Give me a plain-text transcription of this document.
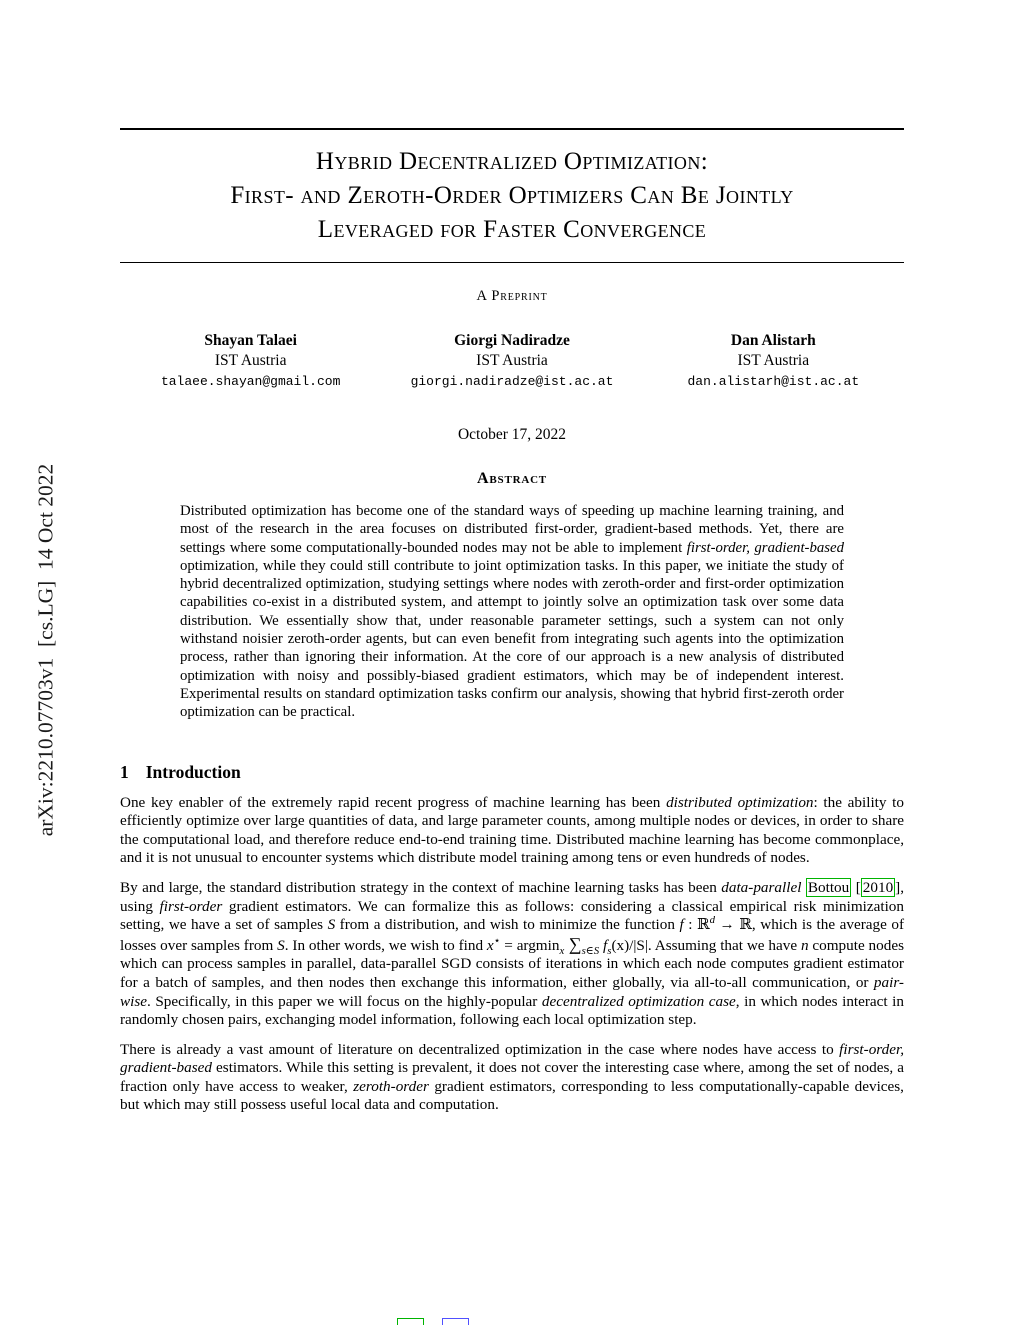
arXiv:2210.07703v1  [cs.LG]  14 Oct 2022
Hybrid Decentralized Optimization:
First- and Zeroth-Order Optimizers Can Be Jointly
Leveraged for Faster Convergence
A Preprint
Shayan Talaei
IST Austria
talaee.shayan@gmail.com
Giorgi Nadiradze
IST Austria
giorgi.nadiradze@ist.ac.at
Dan Alistarh
IST Austria
dan.alistarh@ist.ac.at
October 17, 2022
Abstract

Distributed optimization has become one of the standard ways of speeding up machine learning training, and most of the research in the area focuses on distributed first-order, gradient-based methods. Yet, there are settings where some computationally-bounded nodes may not be able to implement first-order, gradient-based optimization, while they could still contribute to joint optimization tasks. In this paper, we initiate the study of hybrid decentralized optimization, studying settings where nodes with zeroth-order and first-order optimization capabilities co-exist in a distributed system, and attempt to jointly solve an optimization task over some data distribution. We essentially show that, under reasonable parameter settings, such a system can not only withstand noisier zeroth-order agents, but can even benefit from integrating such agents into the optimization process, rather than ignoring their information. At the core of our approach is a new analysis of distributed optimization with noisy and possibly-biased gradient estimators, which may be of independent interest. Experimental results on standard optimization tasks confirm our analysis, showing that hybrid first-zeroth order optimization can be practical.

1 Introduction

One key enabler of the extremely rapid recent progress of machine learning has been distributed optimization: the ability to efficiently optimize over large quantities of data, and large parameter counts, among multiple nodes or devices, in order to share the computational load, and therefore reduce end-to-end training time. Distributed machine learning has become commonplace, and it is not unusual to encounter systems which distribute model training among tens or even hundreds of nodes.

By and large, the standard distribution strategy in the context of machine learning tasks has been data-parallel Bottou [ 2010 ], using first-order gradient estimators. We can formalize this as follows: considering a classical empirical risk minimization setting, we have a set of samples S from a distribution, and wish to minimize the function f : ℝ$^d$ → ℝ, which is the average of losses over samples from S. In other words, we wish to find x⋆ = argmin$_x$ $\sum_{s\in S}$ $f_s(x)/|S|$. Assuming that we have n compute nodes which can process samples in parallel, data-parallel SGD consists of iterations in which each node computes gradient estimator for a batch of samples, and then nodes then exchange this information, either globally, via all-to-all communication, or pair-wise. Specifically, in this paper we will focus on the highly-popular decentralized optimization case, in which nodes interact in randomly chosen pairs, exchanging model information, following each local optimization step.

There is already a vast amount of literature on decentralized optimization in the case where nodes have access to first-order, gradient-based estimators. While this setting is prevalent, it does not cover the interesting case where, among the set of nodes, a fraction only have access to weaker, zeroth-order gradient estimators, corresponding to less computationally-capable devices, but which may still possess useful local data and computation.
